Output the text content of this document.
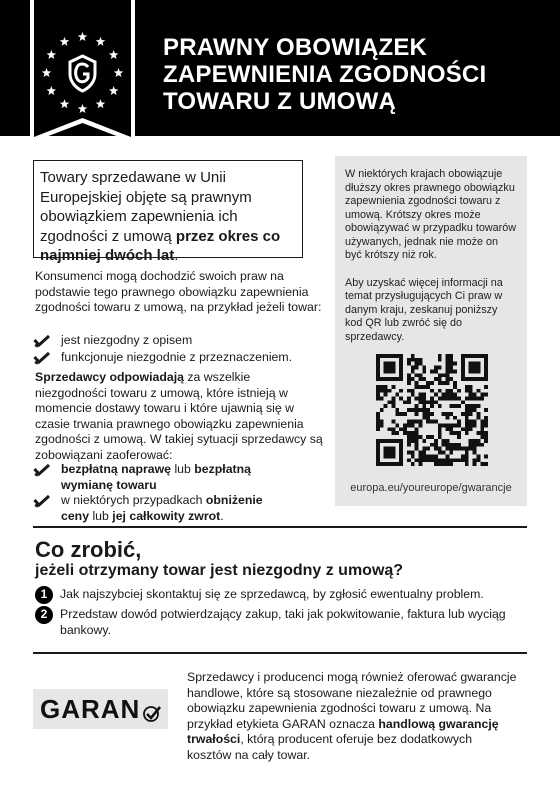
PRAWNY OBOWIĄZEK
ZAPEWNIENIA ZGODNOŚCI
TOWARU Z UMOWĄ
Towary sprzedawane w Unii Europejskiej objęte są prawnym obowiązkiem zapewnienia ich zgodności z umową przez okres co najmniej dwóch lat.
Konsumenci mogą dochodzić swoich praw na podstawie tego prawnego obowiązku zapewnienia zgodności towaru z umową, na przykład jeżeli towar:
jest niezgodny z opisem
funkcjonuje niezgodnie z przeznaczeniem.
Sprzedawcy odpowiadają za wszelkie niezgodności towaru z umową, które istnieją w momencie dostawy towaru i które ujawnią się w czasie trwania prawnego obowiązku zapewnienia zgodności z umową. W takiej sytuacji sprzedawcy są zobowiązani zaoferować:
bezpłatną naprawę lub bezpłatną wymianę towaru
w niektórych przypadkach obniżenie ceny lub jej całkowity zwrot.

W niektórych krajach obowiązuje dłuższy okres prawnego obowiązku zapewnienia zgodności towaru z umową. Krótszy okres może obowiązywać w przypadku towarów używanych, jednak nie może on być krótszy niż rok.

Aby uzyskać więcej informacji na temat przysługujących Ci praw w danym kraju, zeskanuj poniższy kod QR lub zwróć się do sprzedawcy.

europa.eu/youreurope/gwarancje
Co zrobić,
jeżeli otrzymany towar jest niezgodny z umową?
1	Jak najszybciej skontaktuj się ze sprzedawcą, by zgłosić ewentualny problem.
2	Przedstaw dowód potwierdzający zakup, taki jak pokwitowanie, faktura lub wyciąg bankowy.
GARAN
Sprzedawcy i producenci mogą również oferować gwarancje handlowe, które są stosowane niezależnie od prawnego obowiązku zapewnienia zgodności towaru z umową. Na przykład etykieta GARAN oznacza handlową gwarancję trwałości, którą producent oferuje bez dodatkowych kosztów na cały towar.
